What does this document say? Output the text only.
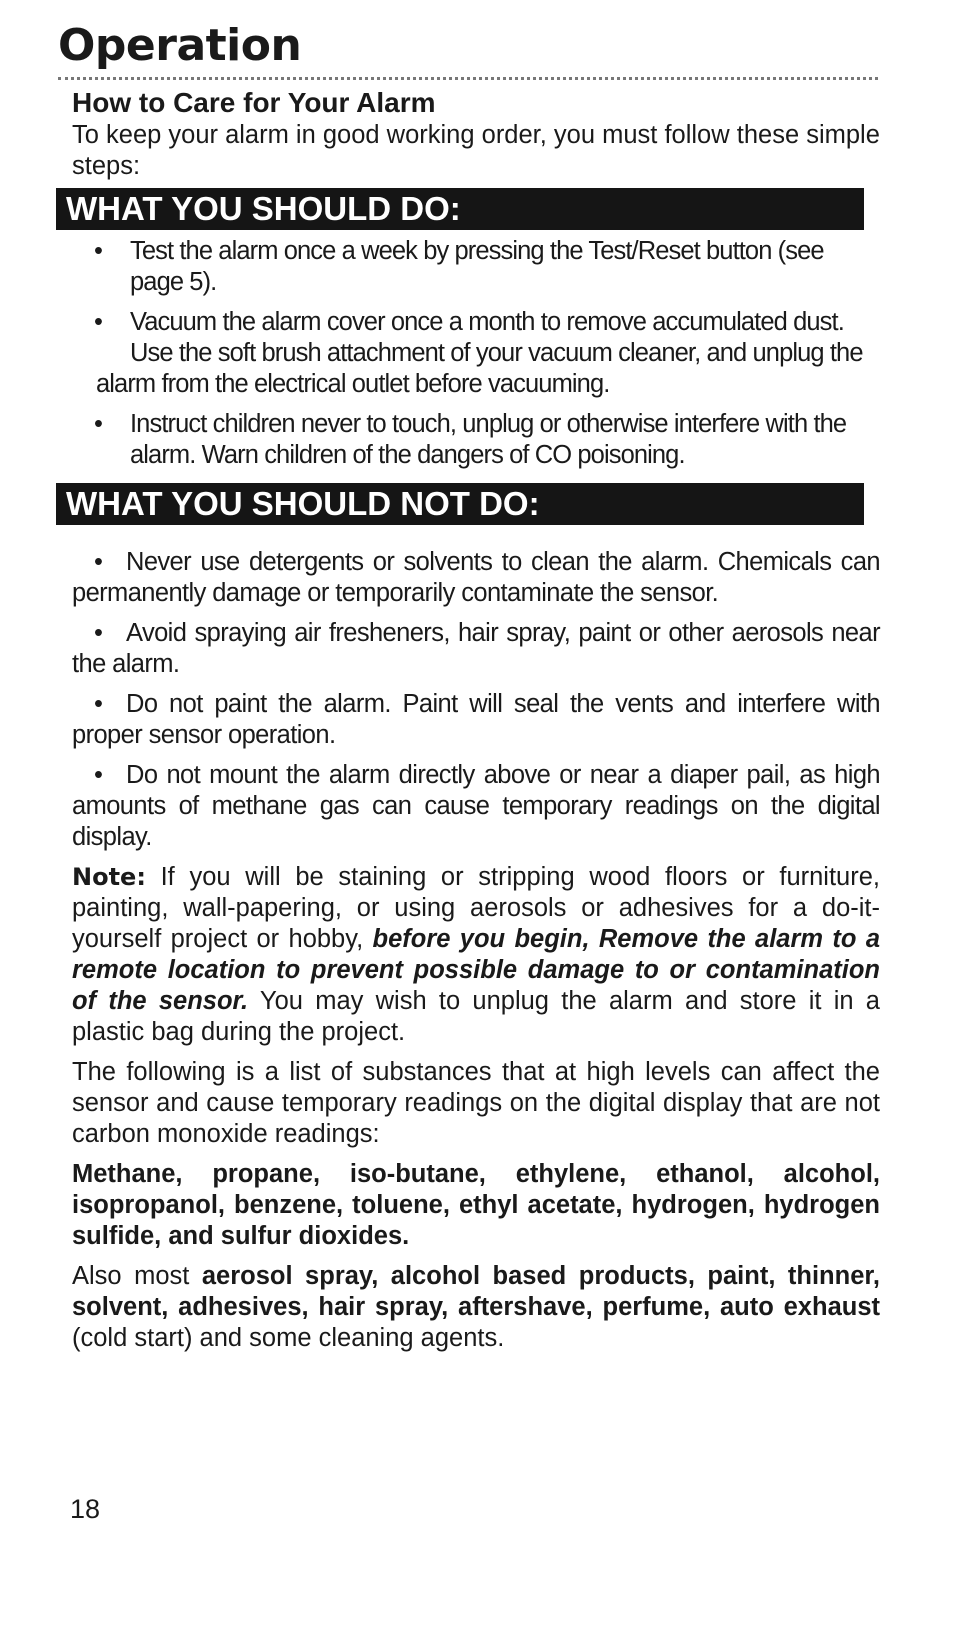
Operation
How to Care for Your Alarm

To keep your alarm in good working order, you must follow these simple steps:

WHAT YOU SHOULD DO:
• Test the alarm once a week by pressing the Test/Reset button (see page 5).
• Vacuum the alarm cover once a month to remove accumulated dust. Use the soft brush attachment of your vacuum cleaner, and unplug the
alarm from the electrical outlet before vacuuming.
• Instruct children never to touch, unplug or otherwise interfere with the alarm. Warn children of the dangers of CO poisoning.
WHAT YOU SHOULD NOT DO:

• Never use detergents or solvents to clean the alarm. Chemicals can permanently damage or temporarily contaminate the sensor.

• Avoid spraying air fresheners, hair spray, paint or other aerosols near the alarm.

• Do not paint the alarm. Paint will seal the vents and interfere with proper sensor operation.

• Do not mount the alarm directly above or near a diaper pail, as high amounts of methane gas can cause temporary readings on the digital display.

Note: If you will be staining or stripping wood floors or furniture, painting, wall-papering, or using aerosols or adhesives for a do-it-yourself project or hobby, before you begin, Remove the alarm to a remote location to prevent possible damage to or contamination of the sensor. You may wish to unplug the alarm and store it in a plastic bag during the project.

The following is a list of substances that at high levels can affect the sensor and cause temporary readings on the digital display that are not carbon monoxide readings:

Methane, propane, iso-butane, ethylene, ethanol, alcohol, isopropanol, benzene, toluene, ethyl acetate, hydrogen, hydrogen sulfide, and sulfur dioxides.

Also most aerosol spray, alcohol based products, paint, thinner, solvent, adhesives, hair spray, aftershave, perfume, auto exhaust (cold start) and some cleaning agents.

18
